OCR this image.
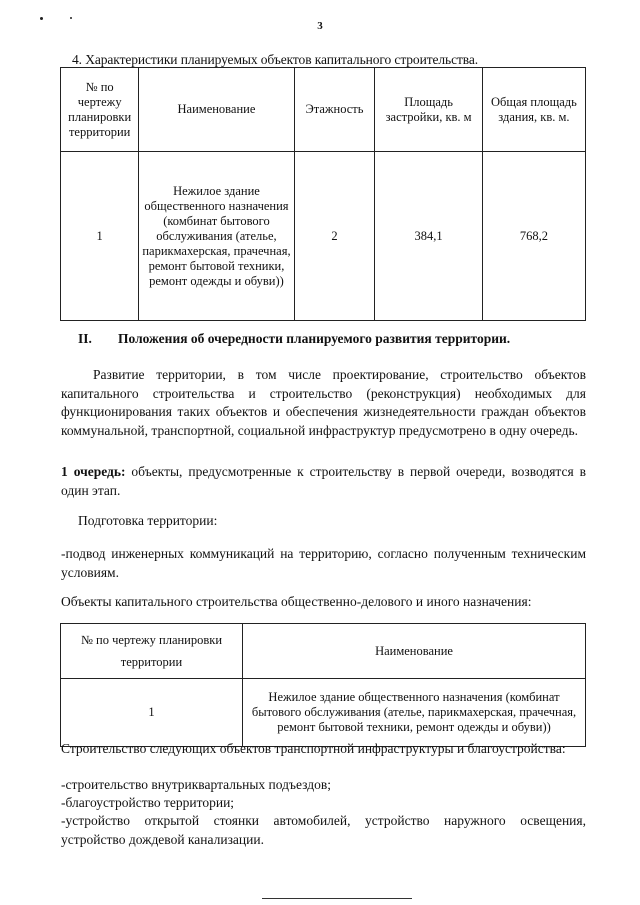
3
4. Характеристики планируемых объектов капитального строительства.
№ по чертежу планировки территории	Наименование	Этажность	Площадь застройки, кв. м	Общая площадь здания, кв. м.
1	Нежилое здание общественного назначения (комбинат бытового обслуживания (ателье, парикмахерская, прачечная, ремонт бытовой техники, ремонт одежды и обуви))	2	384,1	768,2
II. Положения об очередности планируемого развития территории.
Развитие территории, в том числе проектирование, строительство объектов капитального строительства и строительство (реконструкция) необходимых для функционирования таких объектов и обеспечения жизнедеятельности граждан объектов коммунальной, транспортной, социальной инфраструктур предусмотрено в одну очередь.
1 очередь: объекты, предусмотренные к строительству в первой очереди, возводятся в один этап.
Подготовка территории:
-подвод инженерных коммуникаций на территорию, согласно полученным техническим условиям.
Объекты капитального строительства общественно-делового и иного назначения:
№ по чертежу планировки территории	Наименование
1	Нежилое здание общественного назначения (комбинат бытового обслуживания (ателье, парикмахерская, прачечная, ремонт бытовой техники, ремонт одежды и обуви))
Строительство следующих объектов транспортной инфраструктуры и благоустройства:
-строительство внутриквартальных подъездов;
-благоустройство территории;
-устройство открытой стоянки автомобилей, устройство наружного освещения, устройство дождевой канализации.
